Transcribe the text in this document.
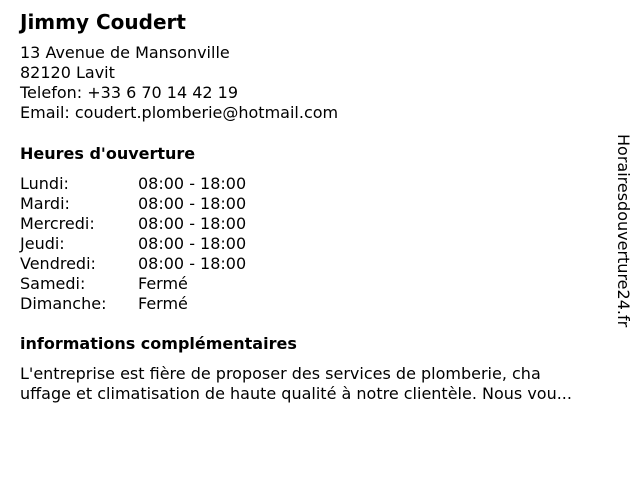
Jimmy Coudert
13 Avenue de Mansonville
82120 Lavit
Telefon: +33 6 70 14 42 19
Email: coudert.plomberie@hotmail.com
Heures d'ouverture
Lundi:	08:00 - 18:00
Mardi:	08:00 - 18:00
Mercredi:	08:00 - 18:00
Jeudi:	08:00 - 18:00
Vendredi:	08:00 - 18:00
Samedi:	Fermé
Dimanche: Fermé
informations complémentaires
L'entreprise est fière de proposer des services de plomberie, cha
uffage et climatisation de haute qualité à notre clientèle. Nous vou...
Horairesdouverture24.fr
